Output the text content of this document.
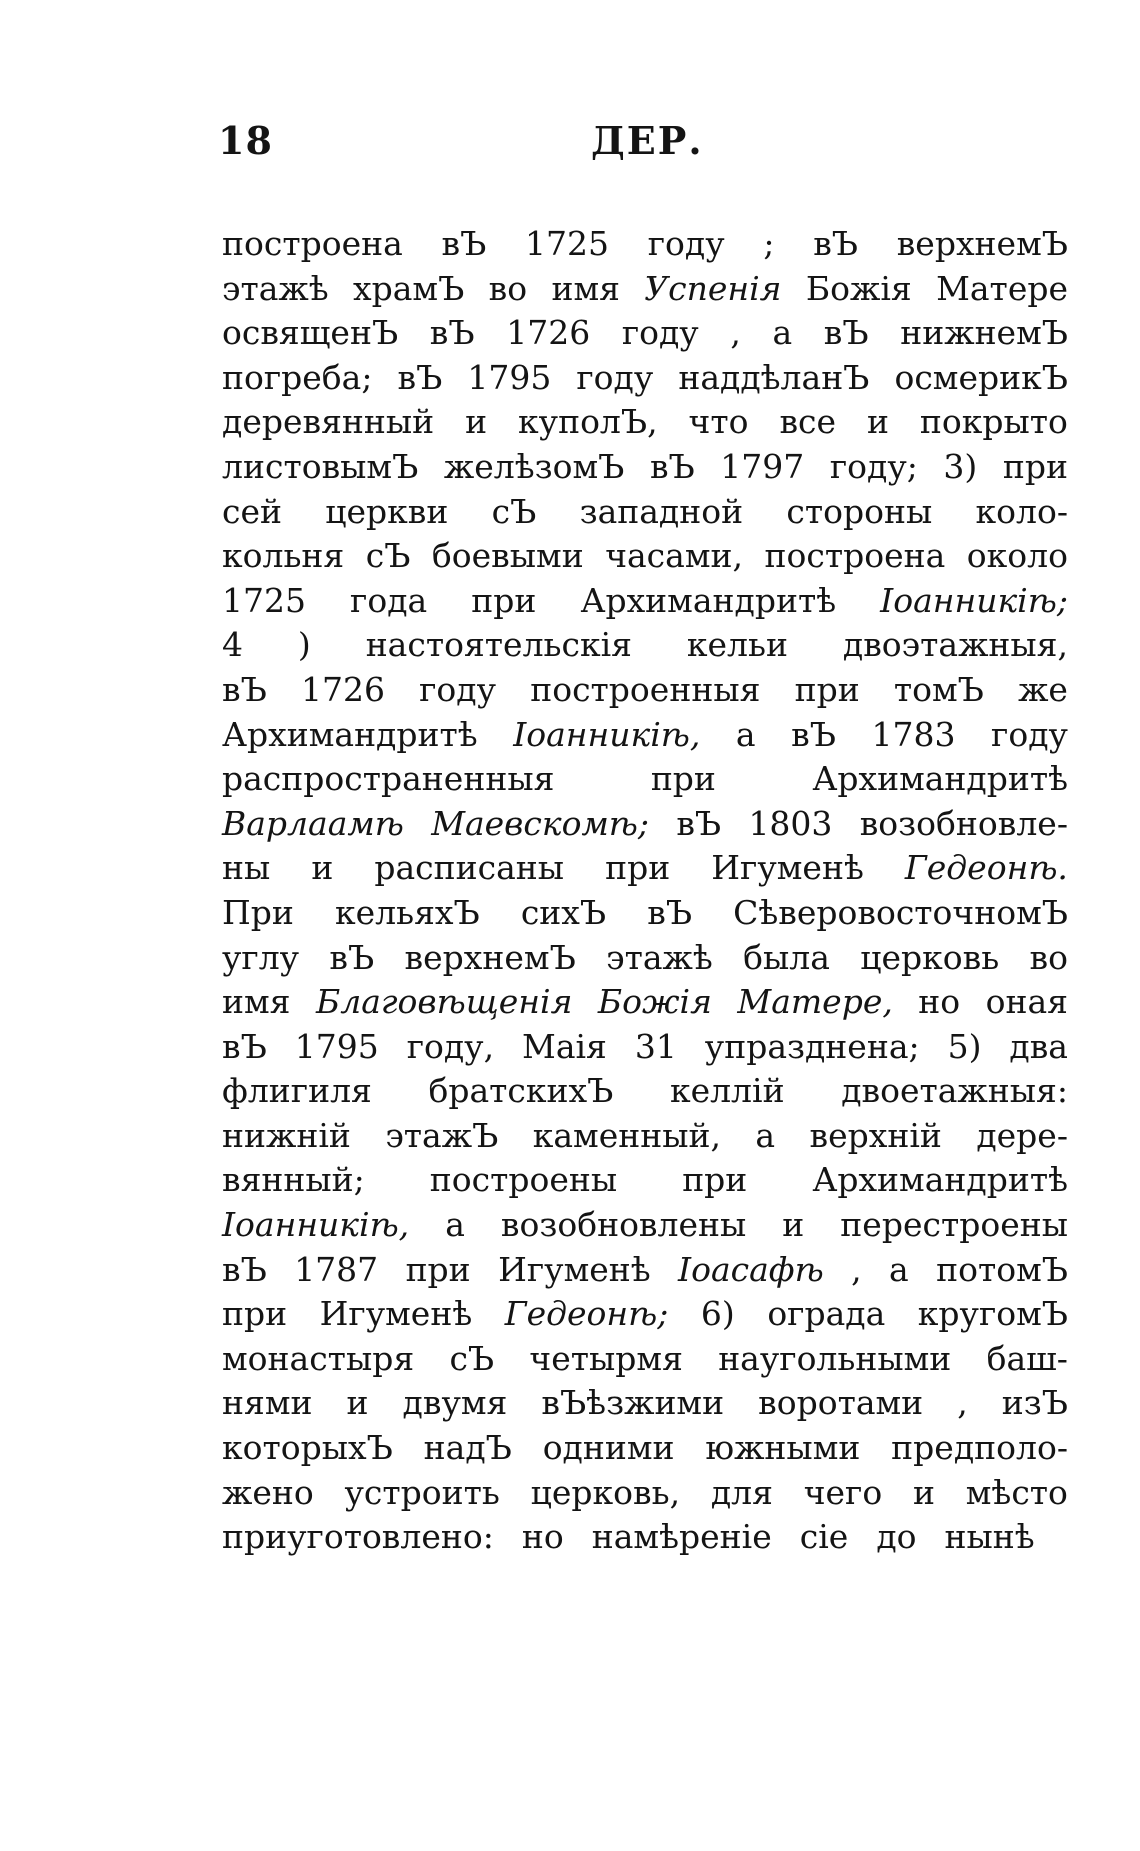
18	ДЕР.
построена вЪ 1725 году ; вЪ верхнемЪ
этажѣ храмЪ во имя Успенія Божія Матере
освященЪ вЪ 1726 году , а вЪ нижнемЪ
погреба; вЪ 1795 году наддѣланЪ осмерикЪ
деревянный и куполЪ, что все и покрыто
листовымЪ желѣзомЪ вЪ 1797 году; 3) при
сей церкви сЪ западной стороны коло-
кольня сЪ боевыми часами, построена около
1725 года при Архимандритѣ Іоанникіѣ;
4 ) настоятельскія кельи двоэтажныя,
вЪ 1726 году построенныя при томЪ же
Архимандритѣ Іоанникіѣ, а вЪ 1783 году
распространенныя	при	Архимандритѣ
Варлаамѣ Маевскомѣ; вЪ 1803 возобновле-
ны и расписаны при Игуменѣ Гедеонѣ.
При кельяхЪ сихЪ вЪ СѣверовосточномЪ
углу вЪ верхнемЪ этажѣ была церковь во
имя Благовѣщенія Божія Матере, но оная
вЪ 1795 году, Маія 31 упразднена; 5) два
флигиля братскихЪ келлій двоетажныя:
нижній этажЪ каменный, а верхній дере-
вянный; построены при Архимандритѣ
Іоанникіѣ, а возобновлены и перестроены
вЪ 1787 при Игуменѣ Іоасафѣ , а потомЪ
при Игуменѣ Гедеонѣ; 6) ограда кругомЪ
монастыря сЪ четырмя наугольными баш-
нями и двумя вЪѣзжими воротами , изЪ
которыхЪ надЪ одними южными предполо-
жено устроить церковь, для чего и мѣсто
приуготовлено: но намѣреніе сіе до нынѣ
